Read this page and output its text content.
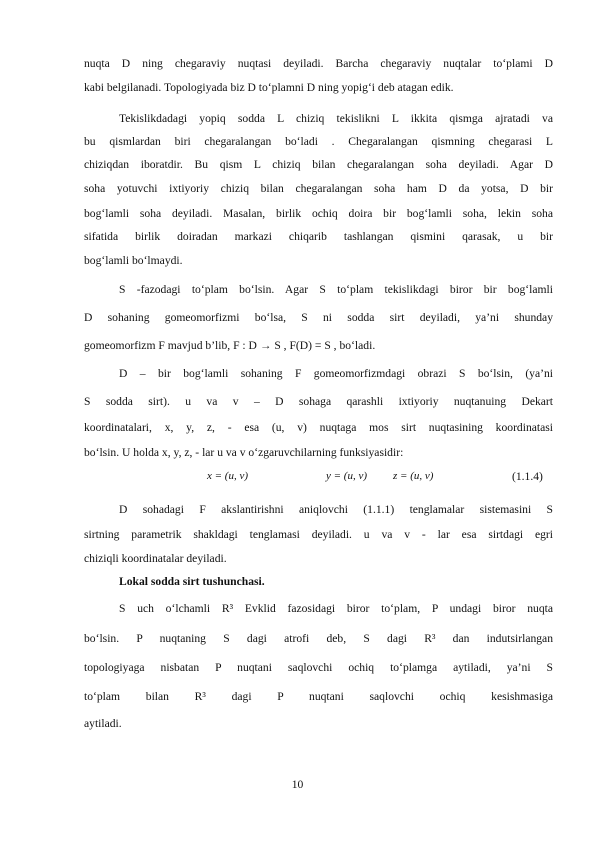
nuqta D ning chegaraviy nuqtasi deyiladi. Barcha chegaraviy nuqtalar to‘plami D
kabi belgilanadi. Topologiyada biz D to‘plamni D ning yopig‘i deb atagan edik.
Tekislikdadagi yopiq sodda L chiziq tekislikni L ikkita qismga ajratadi va
bu qismlardan biri chegaralangan bo‘ladi . Chegaralangan qismning chegarasi L
chiziqdan iboratdir. Bu qism L chiziq bilan chegaralangan soha deyiladi. Agar D
soha yotuvchi ixtiyoriy chiziq bilan chegaralangan soha ham D da yotsa, D bir
bog‘lamli soha deyiladi. Masalan, birlik ochiq doira bir bog‘lamli soha, lekin soha
sifatida birlik doiradan markazi chiqarib tashlangan qismini qarasak, u bir
bog‘lamli bo‘lmaydi.
S -fazodagi to‘plam bo‘lsin. Agar S to‘plam tekislikdagi biror bir bog‘lamli
D sohaning gomeomorfizmi bo‘lsa, S ni sodda sirt deyiladi, ya’ni shunday
gomeomorfizm F mavjud b’lib, F : D → S , F(D) = S , bo‘ladi.
D – bir bog‘lamli sohaning F gomeomorfizmdagi obrazi S bo‘lsin, (ya’ni
S sodda sirt). u va v – D sohaga qarashli ixtiyoriy nuqtanuing Dekart
koordinatalari, x, y, z, - esa (u, v) nuqtaga mos sirt nuqtasining koordinatasi
bo‘lsin. U holda x, y, z, - lar u va v o‘zgaruvchilarning funksiyasidir:
x = (u, v)	y = (u, v) z = (u, v)	(1.1.4)
D sohadagi F akslantirishni aniqlovchi (1.1.1) tenglamalar sistemasini S
sirtning parametrik shakldagi tenglamasi deyiladi. u va v - lar esa sirtdagi egri
chiziqli koordinatalar deyiladi.
Lokal sodda sirt tushunchasi.
S uch o‘lchamli R³ Evklid fazosidagi biror to‘plam, P undagi biror nuqta
bo‘lsin. P nuqtaning S dagi atrofi deb, S dagi R³ dan indutsirlangan
topologiyaga nisbatan P nuqtani saqlovchi ochiq to‘plamga aytiladi, ya’ni S
to‘plam bilan R³ dagi P nuqtani saqlovchi ochiq kesishmasiga
aytiladi.
10
